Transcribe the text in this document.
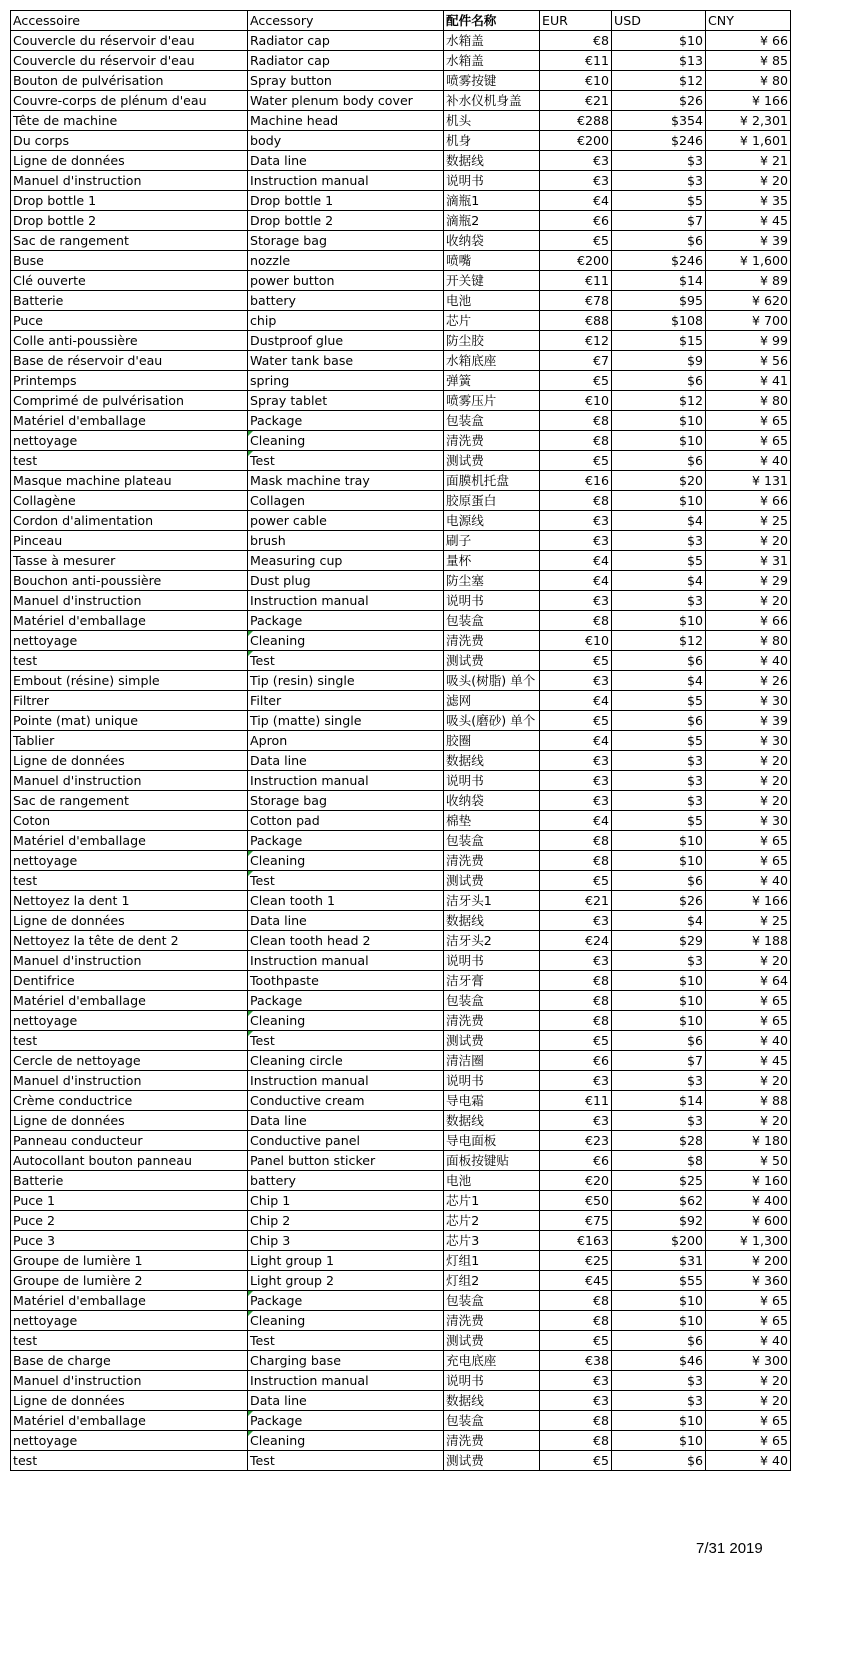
Accessoire	Accessory	配件名称	EUR	USD	CNY
Couvercle du réservoir d'eau	Radiator cap	水箱盖	€8	$10	¥ 66
Couvercle du réservoir d'eau	Radiator cap	水箱盖	€11	$13	¥ 85
Bouton de pulvérisation	Spray button	喷雾按键	€10	$12	¥ 80
Couvre-corps de plénum d'eau	Water plenum body cover	补水仪机身盖	€21	$26	¥ 166
Tête de machine	Machine head	机头	€288	$354	¥ 2,301
Du corps	body	机身	€200	$246	¥ 1,601
Ligne de données	Data line	数据线	€3	$3	¥ 21
Manuel d'instruction	Instruction manual	说明书	€3	$3	¥ 20
Drop bottle 1	Drop bottle 1	滴瓶1	€4	$5	¥ 35
Drop bottle 2	Drop bottle 2	滴瓶2	€6	$7	¥ 45
Sac de rangement	Storage bag	收纳袋	€5	$6	¥ 39
Buse	nozzle	喷嘴	€200	$246	¥ 1,600
Clé ouverte	power button	开关键	€11	$14	¥ 89
Batterie	battery	电池	€78	$95	¥ 620
Puce	chip	芯片	€88	$108	¥ 700
Colle anti-poussière	Dustproof glue	防尘胶	€12	$15	¥ 99
Base de réservoir d'eau	Water tank base	水箱底座	€7	$9	¥ 56
Printemps	spring	弹簧	€5	$6	¥ 41
Comprimé de pulvérisation	Spray tablet	喷雾压片	€10	$12	¥ 80
Matériel d'emballage	Package	包装盒	€8	$10	¥ 65
nettoyage	Cleaning	清洗费	€8	$10	¥ 65
test	Test	测试费	€5	$6	¥ 40
Masque machine plateau	Mask machine tray	面膜机托盘	€16	$20	¥ 131
Collagène	Collagen	胶原蛋白	€8	$10	¥ 66
Cordon d'alimentation	power cable	电源线	€3	$4	¥ 25
Pinceau	brush	刷子	€3	$3	¥ 20
Tasse à mesurer	Measuring cup	量杯	€4	$5	¥ 31
Bouchon anti-poussière	Dust plug	防尘塞	€4	$4	¥ 29
Manuel d'instruction	Instruction manual	说明书	€3	$3	¥ 20
Matériel d'emballage	Package	包装盒	€8	$10	¥ 66
nettoyage	Cleaning	清洗费	€10	$12	¥ 80
test	Test	测试费	€5	$6	¥ 40
Embout (résine) simple	Tip (resin) single	吸头(树脂) 单个	€3	$4	¥ 26
Filtrer	Filter	滤网	€4	$5	¥ 30
Pointe (mat) unique	Tip (matte) single	吸头(磨砂) 单个	€5	$6	¥ 39
Tablier	Apron	胶圈	€4	$5	¥ 30
Ligne de données	Data line	数据线	€3	$3	¥ 20
Manuel d'instruction	Instruction manual	说明书	€3	$3	¥ 20
Sac de rangement	Storage bag	收纳袋	€3	$3	¥ 20
Coton	Cotton pad	棉垫	€4	$5	¥ 30
Matériel d'emballage	Package	包装盒	€8	$10	¥ 65
nettoyage	Cleaning	清洗费	€8	$10	¥ 65
test	Test	测试费	€5	$6	¥ 40
Nettoyez la dent 1	Clean tooth 1	洁牙头1	€21	$26	¥ 166
Ligne de données	Data line	数据线	€3	$4	¥ 25
Nettoyez la tête de dent 2	Clean tooth head 2	洁牙头2	€24	$29	¥ 188
Manuel d'instruction	Instruction manual	说明书	€3	$3	¥ 20
Dentifrice	Toothpaste	洁牙膏	€8	$10	¥ 64
Matériel d'emballage	Package	包装盒	€8	$10	¥ 65
nettoyage	Cleaning	清洗费	€8	$10	¥ 65
test	Test	测试费	€5	$6	¥ 40
Cercle de nettoyage	Cleaning circle	清洁圈	€6	$7	¥ 45
Manuel d'instruction	Instruction manual	说明书	€3	$3	¥ 20
Crème conductrice	Conductive cream	导电霜	€11	$14	¥ 88
Ligne de données	Data line	数据线	€3	$3	¥ 20
Panneau conducteur	Conductive panel	导电面板	€23	$28	¥ 180
Autocollant bouton panneau	Panel button sticker	面板按键贴	€6	$8	¥ 50
Batterie	battery	电池	€20	$25	¥ 160
Puce 1	Chip 1	芯片1	€50	$62	¥ 400
Puce 2	Chip 2	芯片2	€75	$92	¥ 600
Puce 3	Chip 3	芯片3	€163	$200	¥ 1,300
Groupe de lumière 1	Light group 1	灯组1	€25	$31	¥ 200
Groupe de lumière 2	Light group 2	灯组2	€45	$55	¥ 360
Matériel d'emballage	Package	包装盒	€8	$10	¥ 65
nettoyage	Cleaning	清洗费	€8	$10	¥ 65
test	Test	测试费	€5	$6	¥ 40
Base de charge	Charging base	充电底座	€38	$46	¥ 300
Manuel d'instruction	Instruction manual	说明书	€3	$3	¥ 20
Ligne de données	Data line	数据线	€3	$3	¥ 20
Matériel d'emballage	Package	包装盒	€8	$10	¥ 65
nettoyage	Cleaning	清洗费	€8	$10	¥ 65
test	Test	测试费	€5	$6	¥ 40
7/31 2019
